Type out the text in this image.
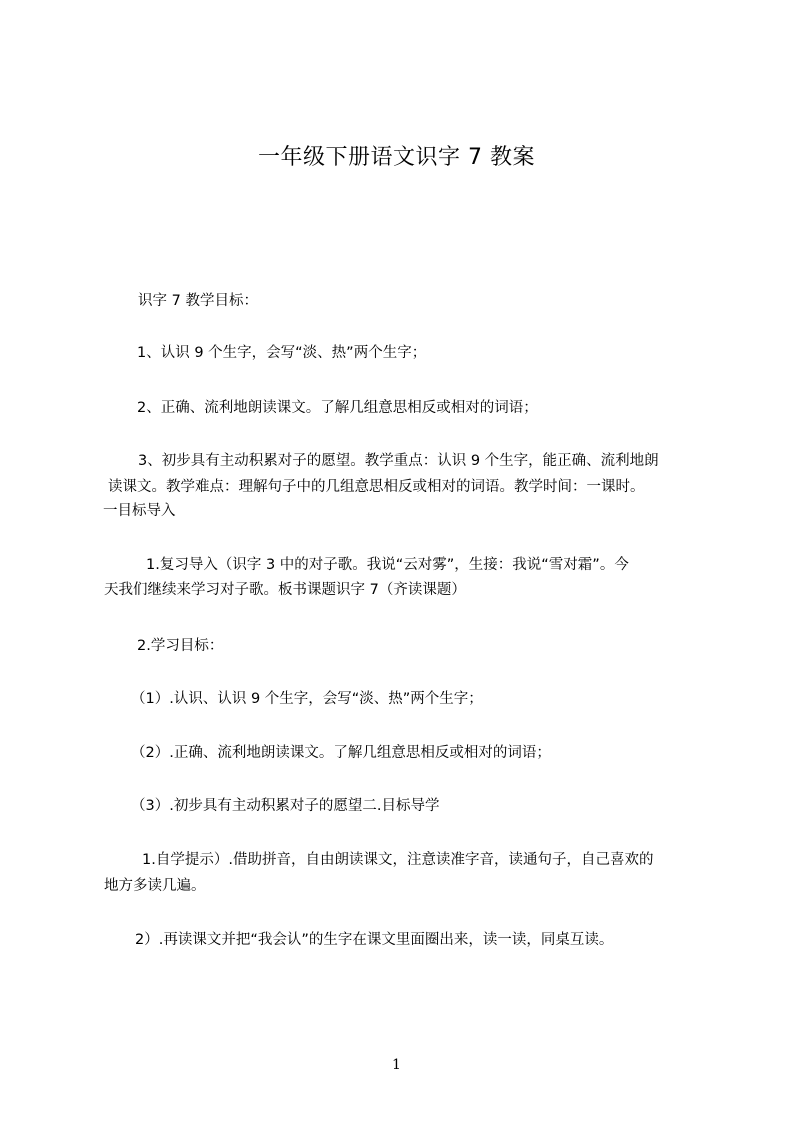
一年级下册语文识字 7 教案
识字 7 教学目标：
1、认识 9 个生字，会写“淡、热”两个生字；
2、正确、流利地朗读课文。了解几组意思相反或相对的词语；
3、初步具有主动积累对子的愿望。教学重点：认识 9 个生字，能正确、流利地朗
读课文。教学难点：理解句子中的几组意思相反或相对的词语。教学时间：一课时。
一目标导入
1.复习导入（识字 3 中的对子歌。我说“云对雾”，生接：我说“雪对霜”。今
天我们继续来学习对子歌。板书课题识字 7（齐读课题）
2.学习目标：
（1）.认识、认识 9 个生字，会写“淡、热”两个生字；
（2）.正确、流利地朗读课文。了解几组意思相反或相对的词语；
（3）.初步具有主动积累对子的愿望二.目标导学
1.自学提示）.借助拼音，自由朗读课文，注意读准字音，读通句子，自己喜欢的
地方多读几遍。
2）.再读课文并把“我会认”的生字在课文里面圈出来，读一读，同桌互读。
1
